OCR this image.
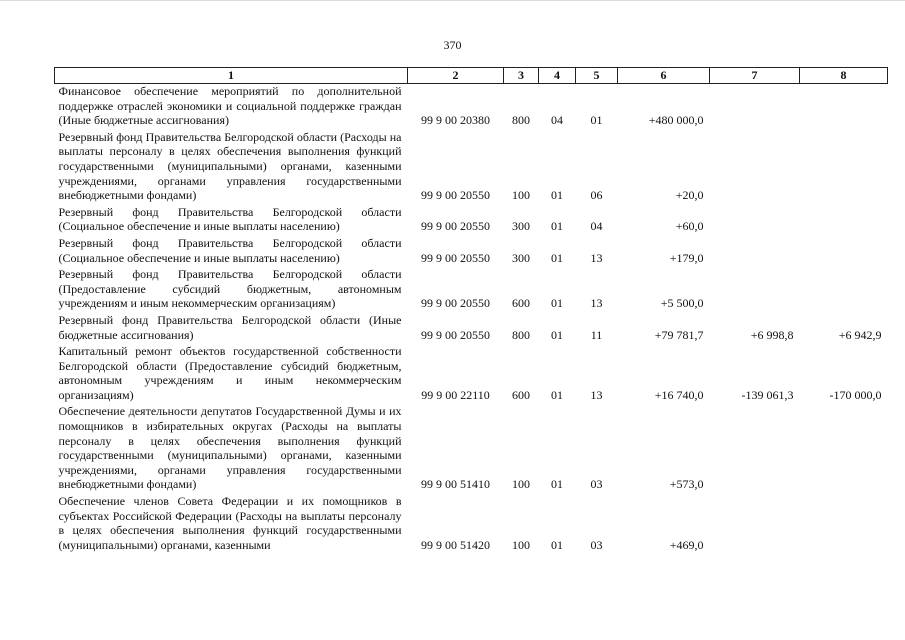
370
1	2	3	4	5	6	7	8
Финансовое обеспечение мероприятий по дополнительной поддержке отраслей экономики и социальной поддержке граждан (Иные бюджетные ассигнования)	99 9 00 20380	800	04	01	+480 000,0		
Резервный фонд Правительства Белгородской области (Расходы на выплаты персоналу в целях обеспечения выполнения функций государственными (муниципальными) органами, казенными учреждениями, органами управления государственными внебюджетными фондами)	99 9 00 20550	100	01	06	+20,0		
Резервный фонд Правительства Белгородской области (Социальное обеспечение и иные выплаты населению)	99 9 00 20550	300	01	04	+60,0		
Резервный фонд Правительства Белгородской области (Социальное обеспечение и иные выплаты населению)	99 9 00 20550	300	01	13	+179,0		
Резервный фонд Правительства Белгородской области (Предоставление субсидий бюджетным, автономным учреждениям и иным некоммерческим организациям)	99 9 00 20550	600	01	13	+5 500,0		
Резервный фонд Правительства Белгородской области (Иные бюджетные ассигнования)	99 9 00 20550	800	01	11	+79 781,7	+6 998,8	+6 942,9
Капитальный ремонт объектов государственной собственности Белгородской области (Предоставление субсидий бюджетным, автономным учреждениям и иным некоммерческим организациям)	99 9 00 22110	600	01	13	+16 740,0	-139 061,3	-170 000,0
Обеспечение деятельности депутатов Государственной Думы и их помощников в избирательных округах (Расходы на выплаты персоналу в целях обеспечения выполнения функций государственными (муниципальными) органами, казенными учреждениями, органами управления государственными внебюджетными фондами)	99 9 00 51410	100	01	03	+573,0		
Обеспечение членов Совета Федерации и их помощников в субъектах Российской Федерации (Расходы на выплаты персоналу в целях обеспечения выполнения функций государственными (муниципальными) органами, казенными	99 9 00 51420	100	01	03	+469,0		
